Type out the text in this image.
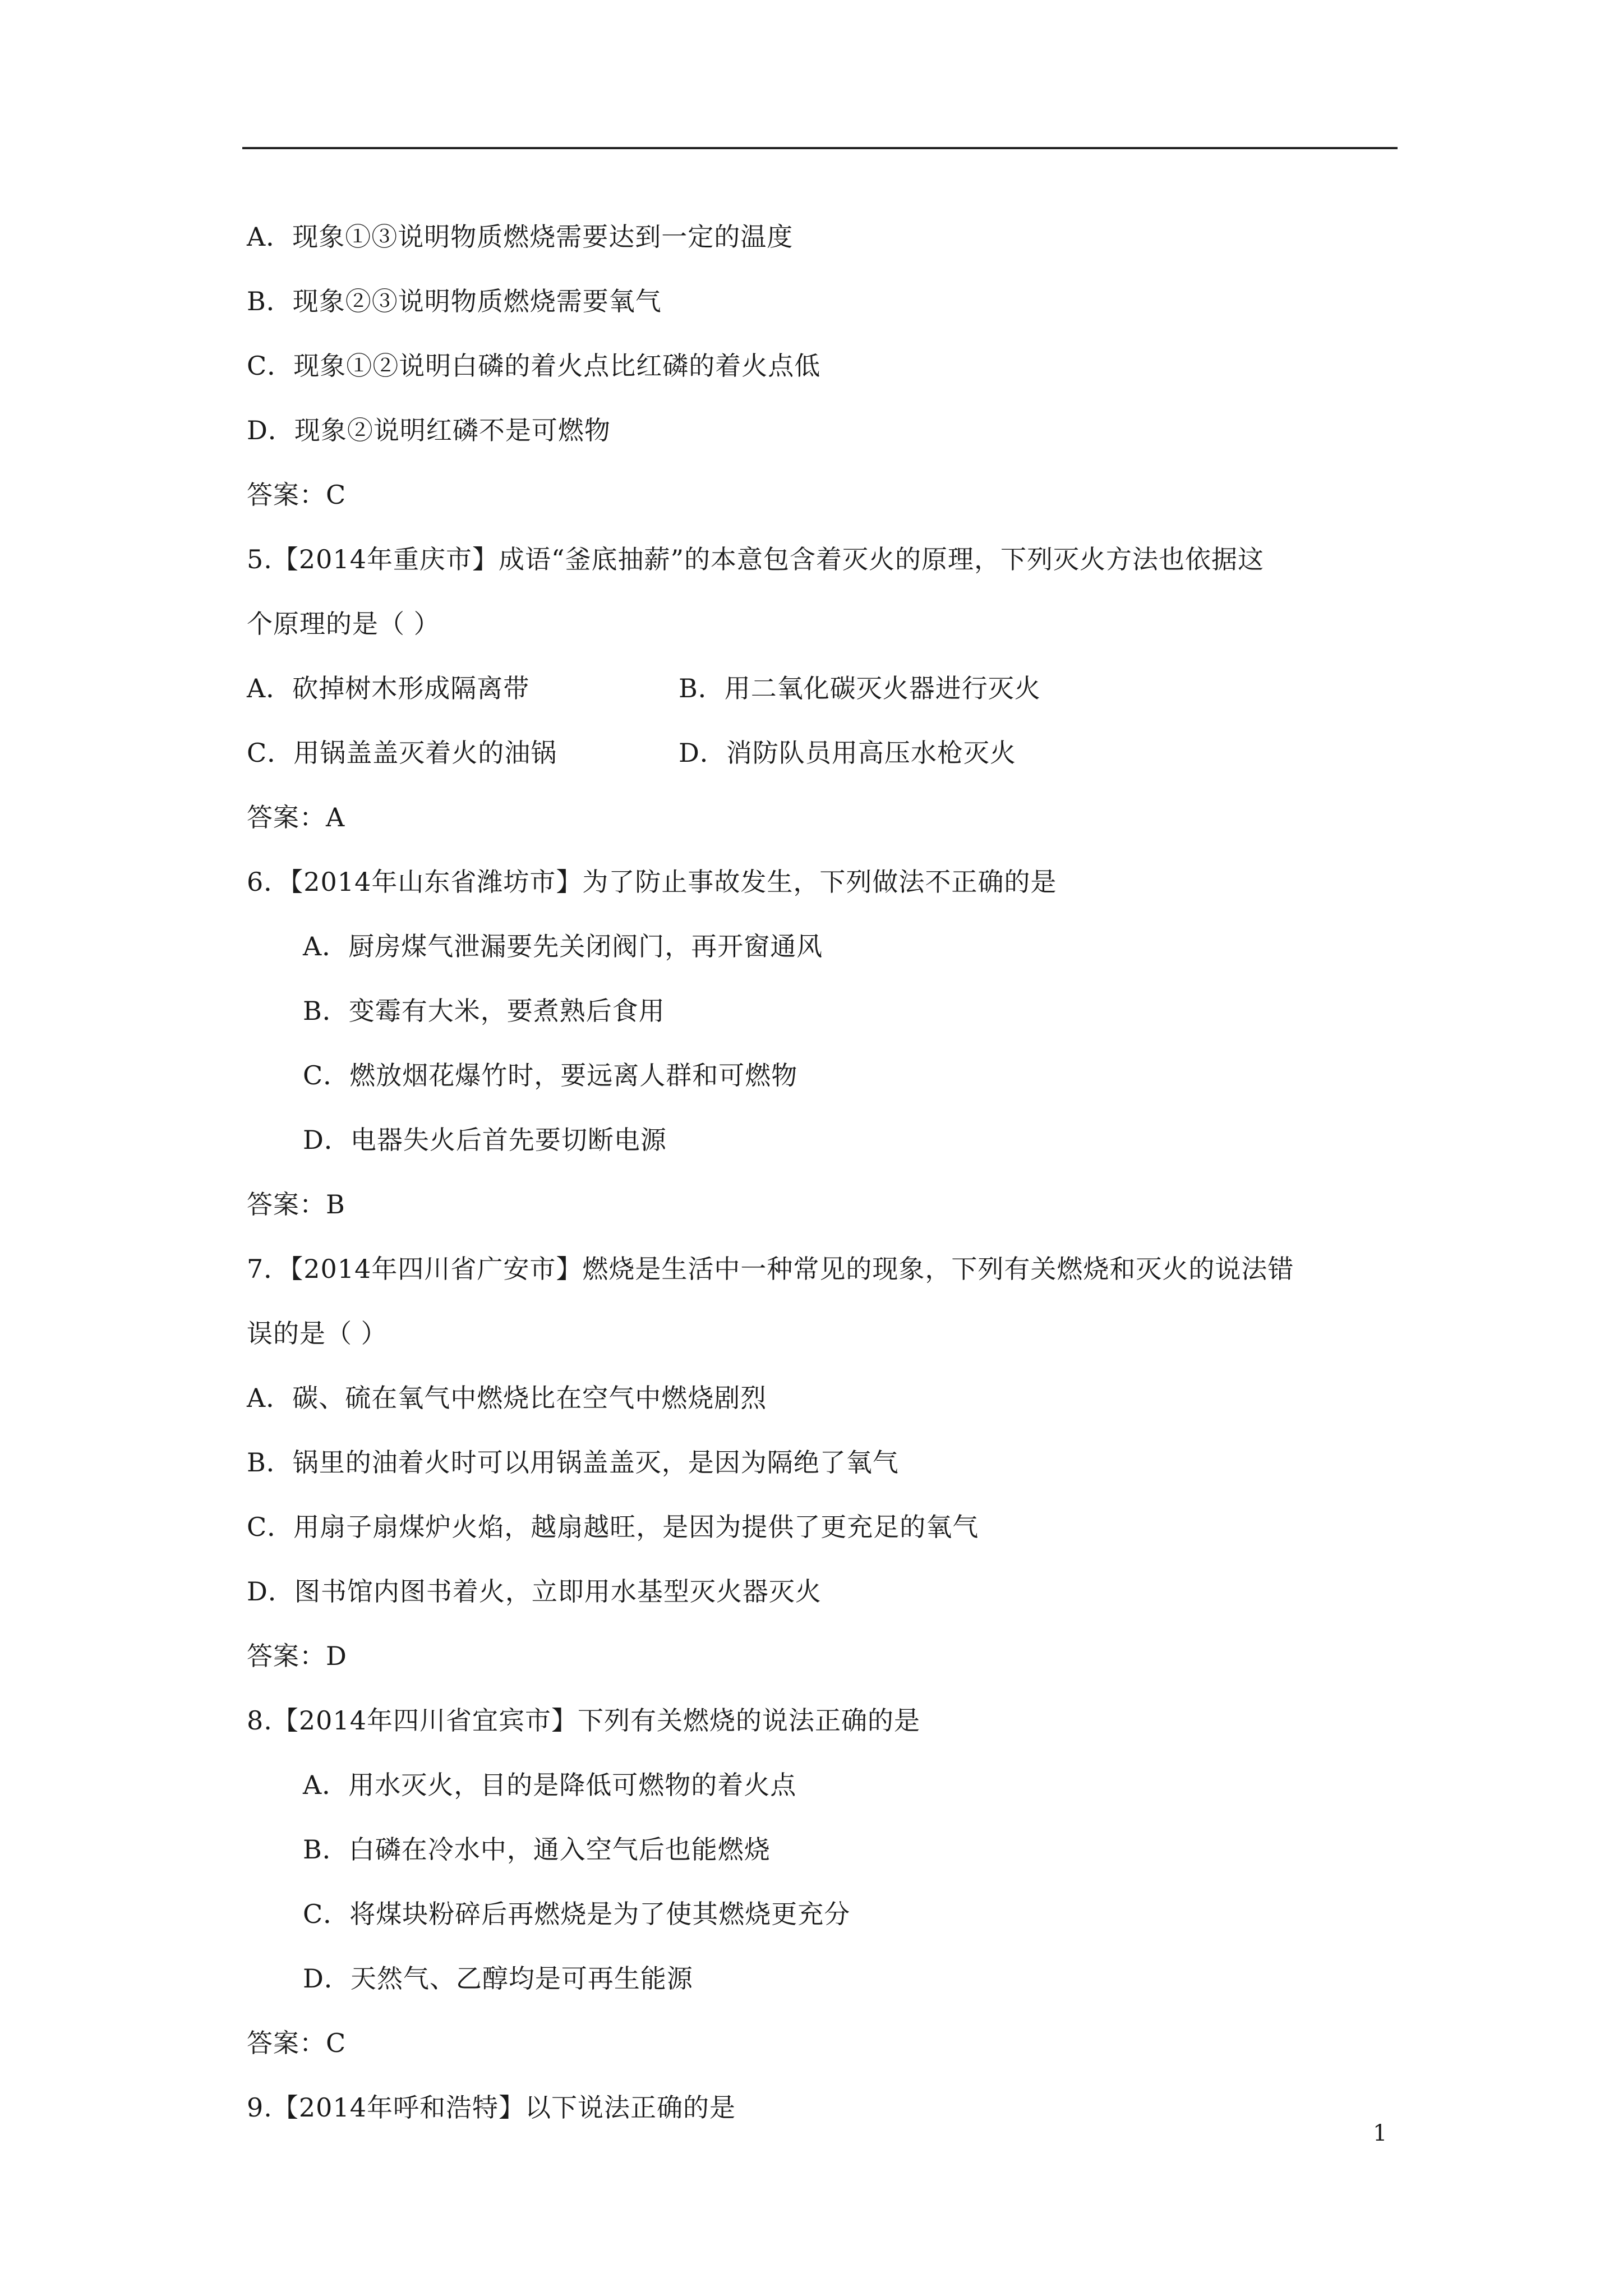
A．现象①③说明物质燃烧需要达到一定的温度
B．现象②③说明物质燃烧需要氧气
C．现象①②说明白磷的着火点比红磷的着火点低
D．现象②说明红磷不是可燃物
答案：C
5.【2014年重庆市】成语“釜底抽薪”的本意包含着灭火的原理，下列灭火方法也依据这
个原理的是（ ）
A．砍掉树木形成隔离带	B．用二氧化碳灭火器进行灭火
C．用锅盖盖灭着火的油锅	D．消防队员用高压水枪灭火
答案：A
6．【2014年山东省潍坊市】为了防止事故发生，下列做法不正确的是
A．厨房煤气泄漏要先关闭阀门，再开窗通风
B．变霉有大米，要煮熟后食用
C．燃放烟花爆竹时，要远离人群和可燃物
D．电器失火后首先要切断电源
答案：B
7．【2014年四川省广安市】燃烧是生活中一种常见的现象，下列有关燃烧和灭火的说法错
误的是（ ）
A．碳、硫在氧气中燃烧比在空气中燃烧剧烈
B．锅里的油着火时可以用锅盖盖灭，是因为隔绝了氧气
C．用扇子扇煤炉火焰，越扇越旺，是因为提供了更充足的氧气
D．图书馆内图书着火，立即用水基型灭火器灭火
答案：D
8.【2014年四川省宜宾市】下列有关燃烧的说法正确的是
A．用水灭火，目的是降低可燃物的着火点
B．白磷在冷水中，通入空气后也能燃烧
C．将煤块粉碎后再燃烧是为了使其燃烧更充分
D．天然气、乙醇均是可再生能源
答案：C
9.【2014年呼和浩特】以下说法正确的是
1
